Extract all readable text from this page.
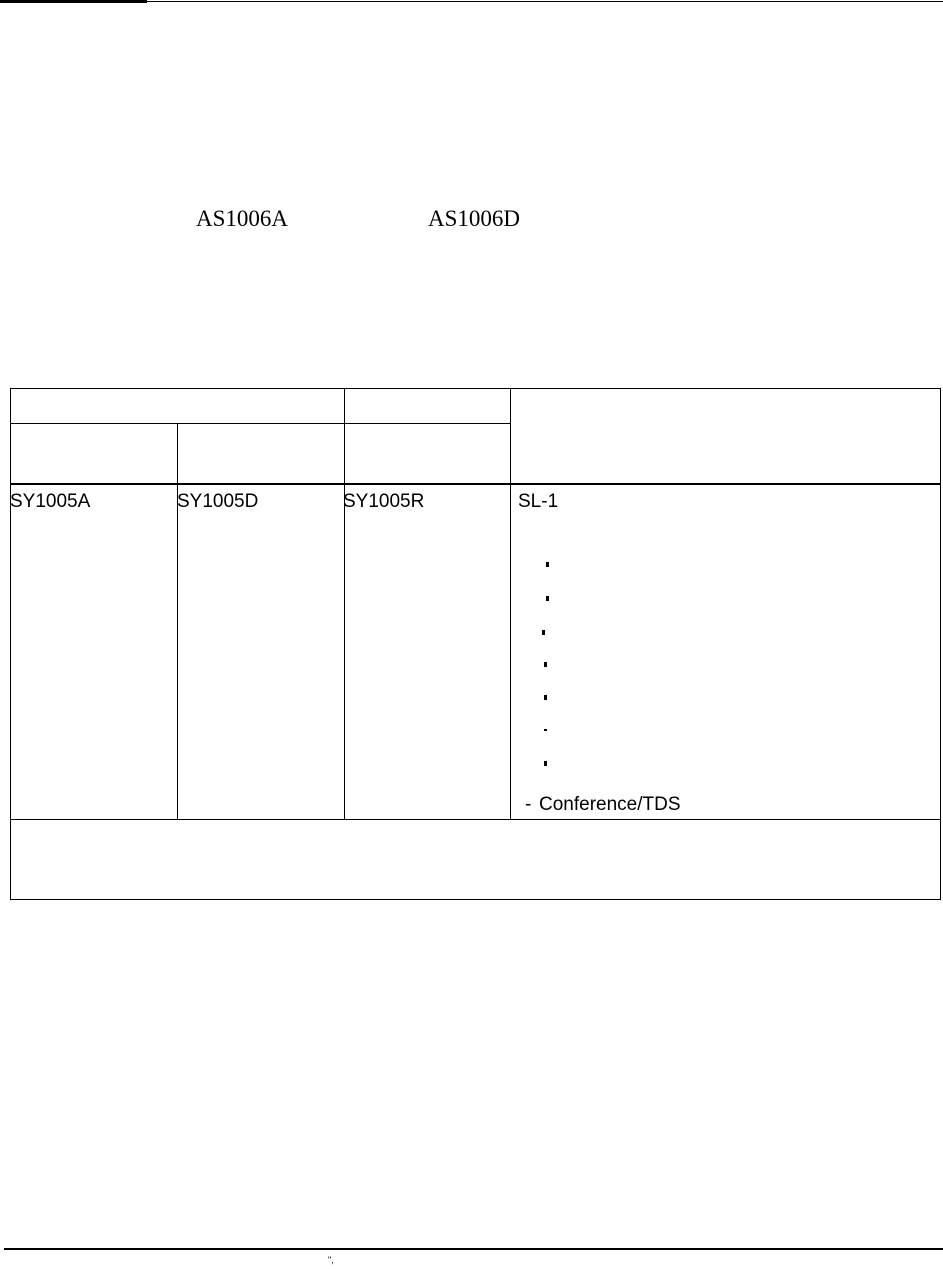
AS1006A	AS1006D
SY1005A	SY1005D	SY1005R	SL-1
- Conference/TDS
ʺ,
